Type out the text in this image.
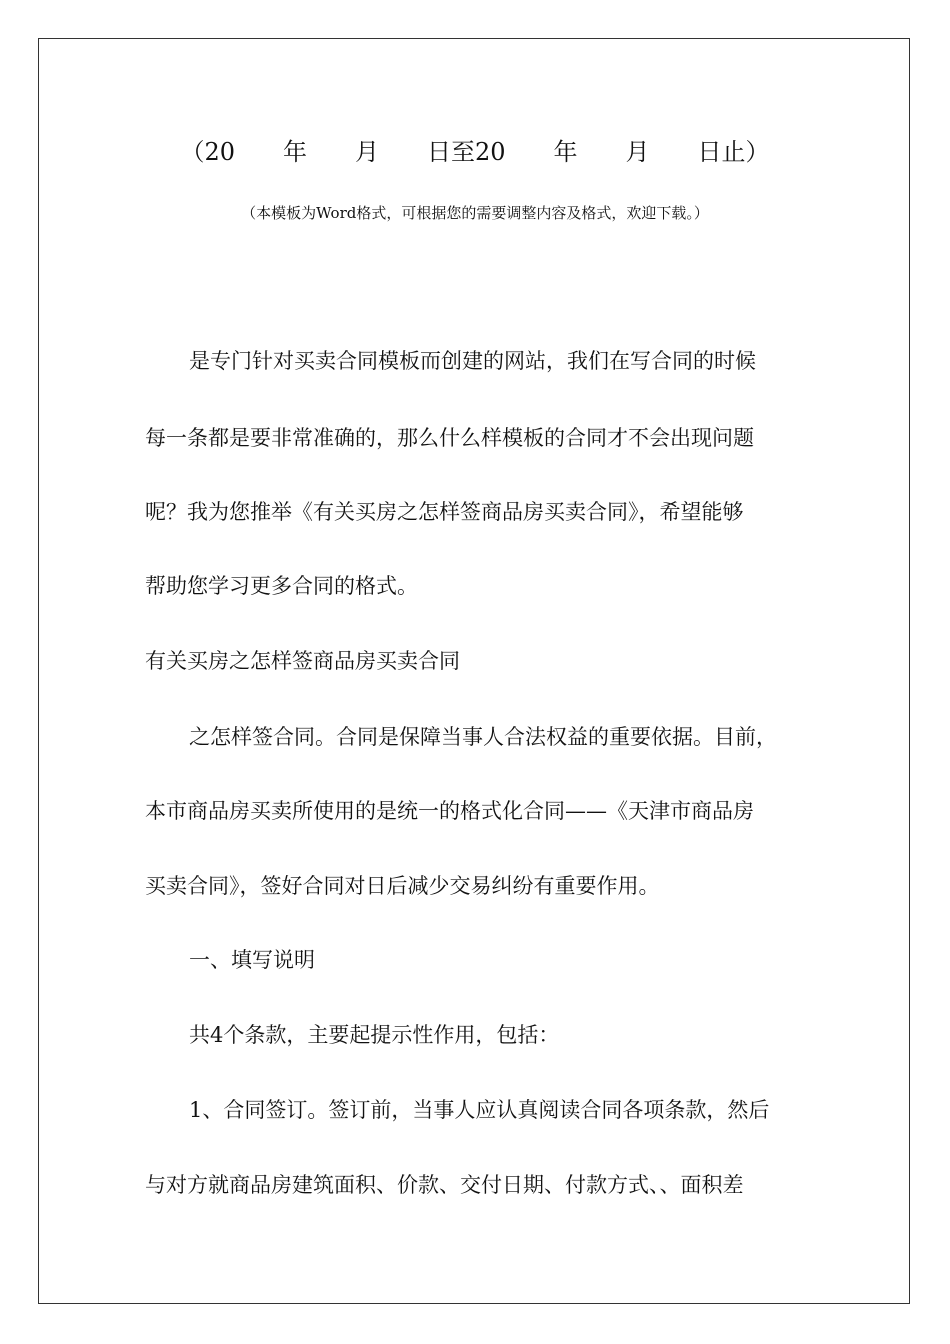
（20　　年　　月　　日至20　　年　　月　　日止）
（本模板为Word格式，可根据您的需要调整内容及格式，欢迎下载。）
是专门针对买卖合同模板而创建的网站，我们在写合同的时候
每一条都是要非常准确的，那么什么样模板的合同才不会出现问题
呢？我为您推举《有关买房之怎样签商品房买卖合同》，希望能够
帮助您学习更多合同的格式。
有关买房之怎样签商品房买卖合同
之怎样签合同。合同是保障当事人合法权益的重要依据。目前，
本市商品房买卖所使用的是统一的格式化合同——《天津市商品房
买卖合同》，签好合同对日后减少交易纠纷有重要作用。
一、填写说明
共4个条款，主要起提示性作用，包括：
1、合同签订。签订前，当事人应认真阅读合同各项条款，然后
与对方就商品房建筑面积、价款、交付日期、付款方式、、面积差
